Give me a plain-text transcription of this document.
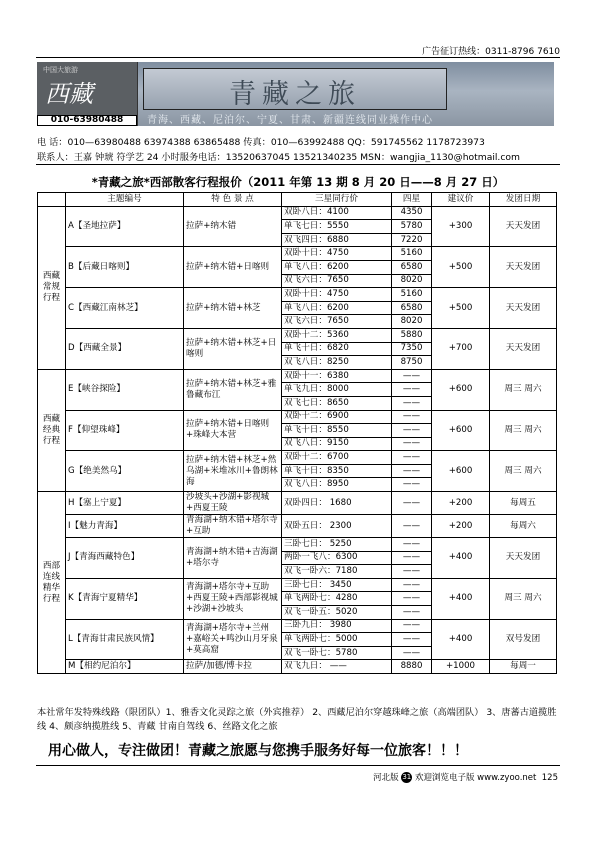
广告征订热线：0311-8796 7610
中国大旅游
西藏
010-63980488
青藏之旅
青海、西藏、尼泊尔、宁夏、甘肃、新疆连线同业操作中心
电 话：010—63980488 63974388 63865488 传真：010—63992488 QQ：591745562 1178723973
联系人：王嘉 钟琥 符学艺 24 小时服务电话：13520637045 13521340235 MSN：wangjia_1130@hotmail.com
*青藏之旅*西部散客行程报价（2011 年第 13 期 8 月 20 日——8 月 27 日）
	主题编号	特 色 景 点	三星同行价	四星	建议价	发团日期
西藏常规行程	A【圣地拉萨】	拉萨+纳木错	双卧八日：4100	4350	+300	天天发团
			单飞七日：5550	5780		
			双飞四日：6880	7220		
	B【后藏日喀则】	拉萨+纳木错+日喀则	双卧十日：4750	5160	+500	天天发团
			单飞八日：6200	6580		
			双飞六日：7650	8020		
	C【西藏江南林芝】	拉萨+纳木错+林芝	双卧十日：4750	5160	+500	天天发团
			单飞八日：6200	6580		
			双飞六日：7650	8020		
	D【西藏全景】	拉萨+纳木错+林芝+日喀则	双卧十二：5360	5880	+700	天天发团
			单飞十日：6820	7350		
			双飞八日：8250	8750		
西藏经典行程	E【峡谷探险】	拉萨+纳木错+林芝+雅鲁藏布江	双卧十一：6380	——	+600	周三 周六
			单飞九日：8000	——		
			双飞七日：8650	——		
	F【仰望珠峰】	拉萨+纳木错+日喀则+珠峰大本营	双卧十二：6900	——	+600	周三 周六
			单飞十日：8550	——		
			双飞八日：9150	——		
	G【绝美然乌】	拉萨+纳木错+林芝+然乌湖+米堆冰川+鲁朗林海	双卧十二：6700	——	+600	周三 周六
			单飞十日：8350	——		
			双飞八日：8950	——		
西部连线精华行程	H【塞上宁夏】	沙坡头+沙湖+影视城+西夏王陵	双卧四日： 1680	——	+200	每周五
	I【魅力青海】	青海湖+纳木错+塔尔寺+互助	双卧五日： 2300	——	+200	每周六
	J【青海西藏特色】	青海湖+纳木错+吉海湖+塔尔寺	三卧七日： 5250	——	+400	天天发团
			两卧一飞八：6300	——		
			双飞一卧六：7180	——		
	K【青海宁夏精华】	青海湖+塔尔寺+互助+西夏王陵+西部影视城+沙湖+沙坡头	三卧七日： 3450	——	+400	周三 周六
			单飞两卧七：4280	——		
			双飞一卧五：5020	——		
	L【青海甘肃民族风情】	青海湖+塔尔寺+兰州+嘉峪关+鸣沙山月牙泉+莫高窟	三卧九日： 3980	——	+400	双号发团
			单飞两卧七：5000	——		
			双飞一卧七：5780	——		
	M【相约尼泊尔】	拉萨/加德/博卡拉	双飞九日： ——	8880	+1000	每周一
本社常年发特殊线路（限团队）1、雅香文化灵踪之旅（外宾推荐） 2、西藏尼泊尔穿越珠峰之旅（高端团队） 3、唐蕃古道揽胜线 4、颇彦纳揽胜线 5、青藏 甘南自驾线 6、丝路文化之旅
用心做人，专注做团！青藏之旅愿与您携手服务好每一位旅客！！！
河北版 31 欢迎浏览电子版 www.zyoo.net 125
